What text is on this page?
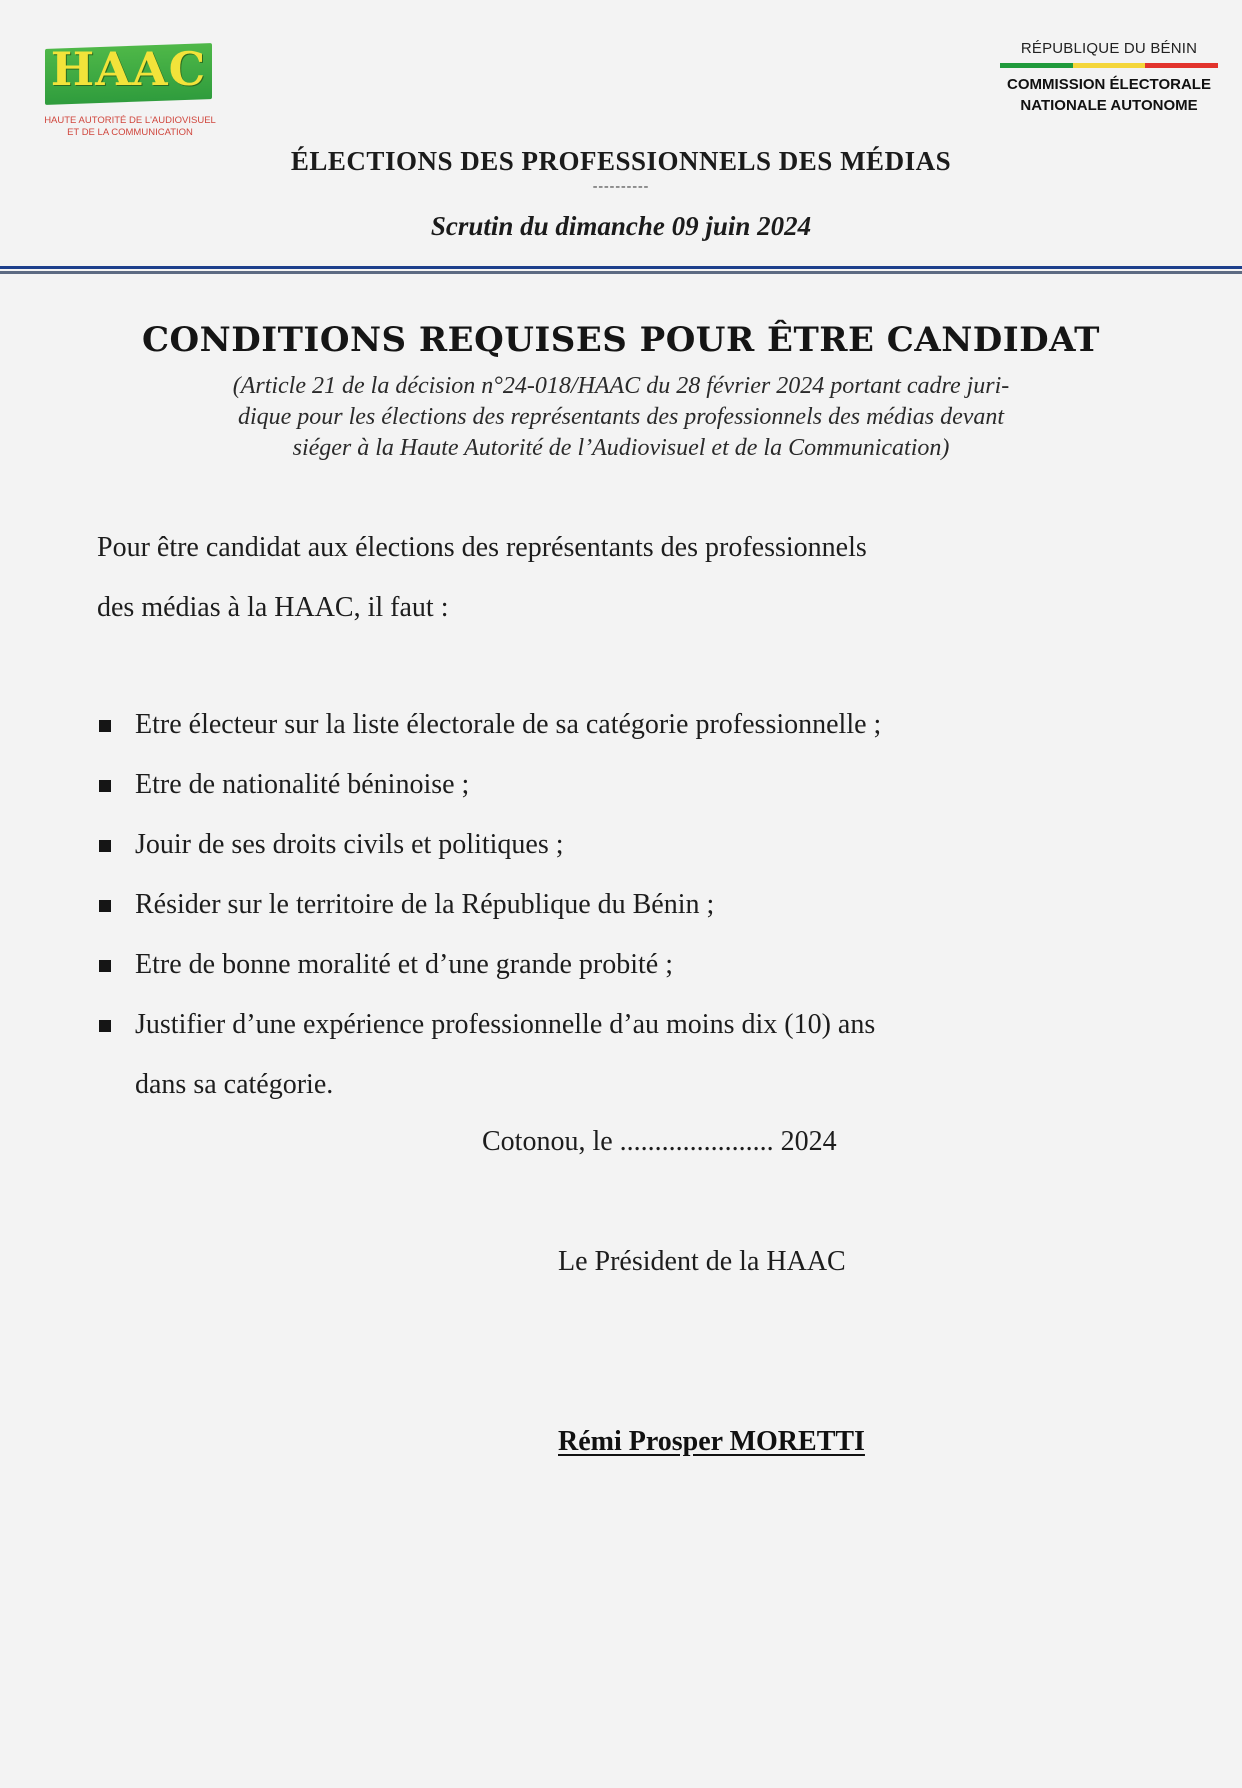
HAAC
HAUTE AUTORITÉ DE L'AUDIOVISUEL
ET DE LA COMMUNICATION
RÉPUBLIQUE DU BÉNIN
COMMISSION ÉLECTORALE
NATIONALE AUTONOME
ÉLECTIONS DES PROFESSIONNELS DES MÉDIAS
----------
Scrutin du dimanche 09 juin 2024
CONDITIONS REQUISES POUR ÊTRE CANDIDAT
(Article 21 de la décision n°24-018/HAAC du 28 février 2024 portant cadre juri-
dique pour les élections des représentants des professionnels des médias devant
siéger à la Haute Autorité de l’Audiovisuel et de la Communication)
Pour être candidat aux élections des représentants des professionnels
des médias à la HAAC, il faut :
Etre électeur sur la liste électorale de sa catégorie professionnelle ;
Etre de nationalité béninoise ;
Jouir de ses droits civils et politiques ;
Résider sur le territoire de la République du Bénin ;
Etre de bonne moralité et d’une grande probité ;
Justifier d’une expérience professionnelle d’au moins dix (10) ans
dans sa catégorie.
Cotonou, le ...................... 2024
Le Président de la HAAC
Rémi Prosper MORETTI
